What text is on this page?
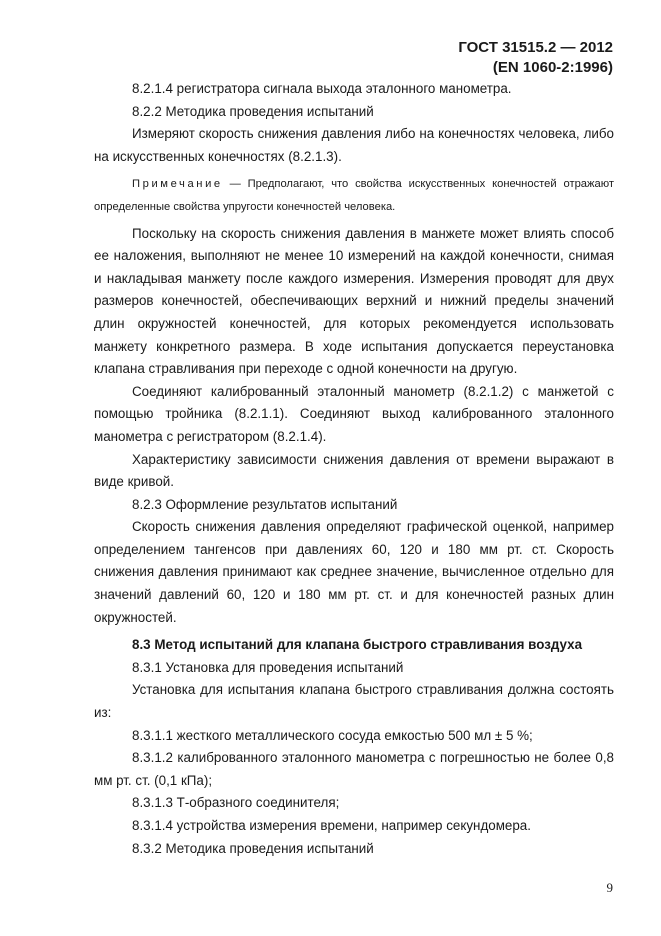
ГОСТ 31515.2 — 2012
(EN 1060-2:1996)

8.2.1.4 регистратора сигнала выхода эталонного манометра.

8.2.2 Методика проведения испытаний

Измеряют скорость снижения давления либо на конечностях человека, либо на искусственных конечностях (8.2.1.3).

Примечание — Предполагают, что свойства искусственных конечностей отражают определенные свойства упругости конечностей человека.

Поскольку на скорость снижения давления в манжете может влиять способ ее наложения, выполняют не менее 10 измерений на каждой конечности, снимая и накладывая манжету после каждого измерения. Измерения проводят для двух размеров конечностей, обеспечивающих верхний и нижний пределы значений длин окружностей конечностей, для которых рекомендуется использовать манжету конкретного размера. В ходе испытания допускается переустановка клапана стравливания при переходе с одной конечности на другую.

Соединяют калиброванный эталонный манометр (8.2.1.2) с манжетой с помощью тройника (8.2.1.1). Соединяют выход калиброванного эталонного манометра с регистратором (8.2.1.4).

Характеристику зависимости снижения давления от времени выражают в виде кривой.

8.2.3 Оформление результатов испытаний

Скорость снижения давления определяют графической оценкой, например определением тангенсов при давлениях 60, 120 и 180 мм рт. ст. Скорость снижения давления принимают как среднее значение, вычисленное отдельно для значений давлений 60, 120 и 180 мм рт. ст. и для конечностей разных длин окружностей.

8.3 Метод испытаний для клапана быстрого стравливания воздуха

8.3.1 Установка для проведения испытаний

Установка для испытания клапана быстрого стравливания должна состоять из:

8.3.1.1 жесткого металлического сосуда емкостью 500 мл ± 5 %;

8.3.1.2 калиброванного эталонного манометра с погрешностью не более 0,8 мм рт. ст. (0,1 кПа);

8.3.1.3 Т-образного соединителя;

8.3.1.4 устройства измерения времени, например секундомера.

8.3.2 Методика проведения испытаний

9
